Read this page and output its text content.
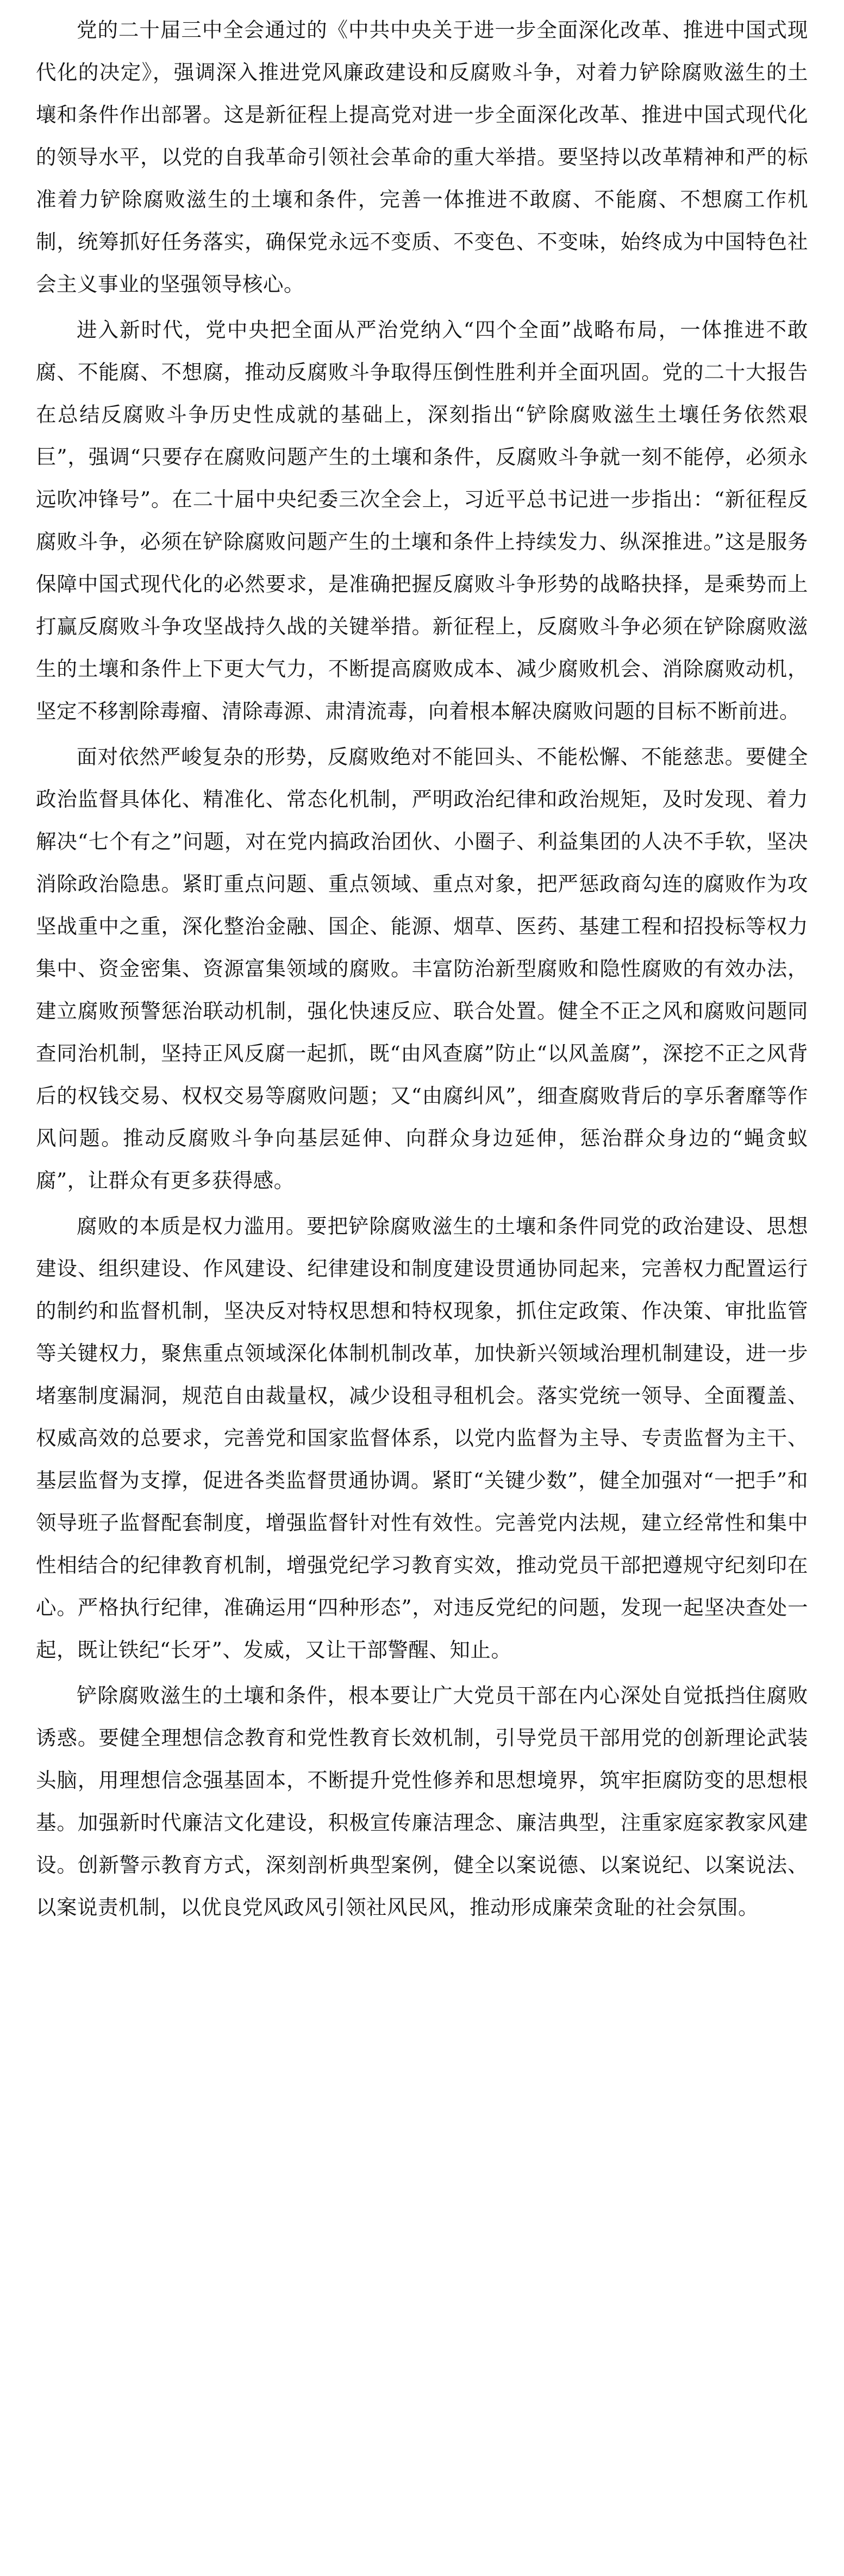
党的二十届三中全会通过的《中共中央关于进一步全面深化改革、推进中国式现代化的决定》，强调深入推进党风廉政建设和反腐败斗争，对着力铲除腐败滋生的土壤和条件作出部署。这是新征程上提高党对进一步全面深化改革、推进中国式现代化的领导水平，以党的自我革命引领社会革命的重大举措。要坚持以改革精神和严的标准着力铲除腐败滋生的土壤和条件，完善一体推进不敢腐、不能腐、不想腐工作机制，统筹抓好任务落实，确保党永远不变质、不变色、不变味，始终成为中国特色社会主义事业的坚强领导核心。

进入新时代，党中央把全面从严治党纳入“四个全面”战略布局，一体推进不敢腐、不能腐、不想腐，推动反腐败斗争取得压倒性胜利并全面巩固。党的二十大报告在总结反腐败斗争历史性成就的基础上，深刻指出“铲除腐败滋生土壤任务依然艰巨”，强调“只要存在腐败问题产生的土壤和条件，反腐败斗争就一刻不能停，必须永远吹冲锋号”。在二十届中央纪委三次全会上，习近平总书记进一步指出：“新征程反腐败斗争，必须在铲除腐败问题产生的土壤和条件上持续发力、纵深推进。”这是服务保障中国式现代化的必然要求，是准确把握反腐败斗争形势的战略抉择，是乘势而上打赢反腐败斗争攻坚战持久战的关键举措。新征程上，反腐败斗争必须在铲除腐败滋生的土壤和条件上下更大气力，不断提高腐败成本、减少腐败机会、消除腐败动机，坚定不移割除毒瘤、清除毒源、肃清流毒，向着根本解决腐败问题的目标不断前进。

面对依然严峻复杂的形势，反腐败绝对不能回头、不能松懈、不能慈悲。要健全政治监督具体化、精准化、常态化机制，严明政治纪律和政治规矩，及时发现、着力解决“七个有之”问题，对在党内搞政治团伙、小圈子、利益集团的人决不手软，坚决消除政治隐患。紧盯重点问题、重点领域、重点对象，把严惩政商勾连的腐败作为攻坚战重中之重，深化整治金融、国企、能源、烟草、医药、基建工程和招投标等权力集中、资金密集、资源富集领域的腐败。丰富防治新型腐败和隐性腐败的有效办法，建立腐败预警惩治联动机制，强化快速反应、联合处置。健全不正之风和腐败问题同查同治机制，坚持正风反腐一起抓，既“由风查腐”防止“以风盖腐”，深挖不正之风背后的权钱交易、权权交易等腐败问题；又“由腐纠风”，细查腐败背后的享乐奢靡等作风问题。推动反腐败斗争向基层延伸、向群众身边延伸，惩治群众身边的“蝇贪蚁腐”，让群众有更多获得感。

腐败的本质是权力滥用。要把铲除腐败滋生的土壤和条件同党的政治建设、思想建设、组织建设、作风建设、纪律建设和制度建设贯通协同起来，完善权力配置运行的制约和监督机制，坚决反对特权思想和特权现象，抓住定政策、作决策、审批监管等关键权力，聚焦重点领域深化体制机制改革，加快新兴领域治理机制建设，进一步堵塞制度漏洞，规范自由裁量权，减少设租寻租机会。落实党统一领导、全面覆盖、权威高效的总要求，完善党和国家监督体系，以党内监督为主导、专责监督为主干、基层监督为支撑，促进各类监督贯通协调。紧盯“关键少数”，健全加强对“一把手”和领导班子监督配套制度，增强监督针对性有效性。完善党内法规，建立经常性和集中性相结合的纪律教育机制，增强党纪学习教育实效，推动党员干部把遵规守纪刻印在心。严格执行纪律，准确运用“四种形态”，对违反党纪的问题，发现一起坚决查处一起，既让铁纪“长牙”、发威，又让干部警醒、知止。

铲除腐败滋生的土壤和条件，根本要让广大党员干部在内心深处自觉抵挡住腐败诱惑。要健全理想信念教育和党性教育长效机制，引导党员干部用党的创新理论武装头脑，用理想信念强基固本，不断提升党性修养和思想境界，筑牢拒腐防变的思想根基。加强新时代廉洁文化建设，积极宣传廉洁理念、廉洁典型，注重家庭家教家风建设。创新警示教育方式，深刻剖析典型案例，健全以案说德、以案说纪、以案说法、以案说责机制，以优良党风政风引领社风民风，推动形成廉荣贪耻的社会氛围。
